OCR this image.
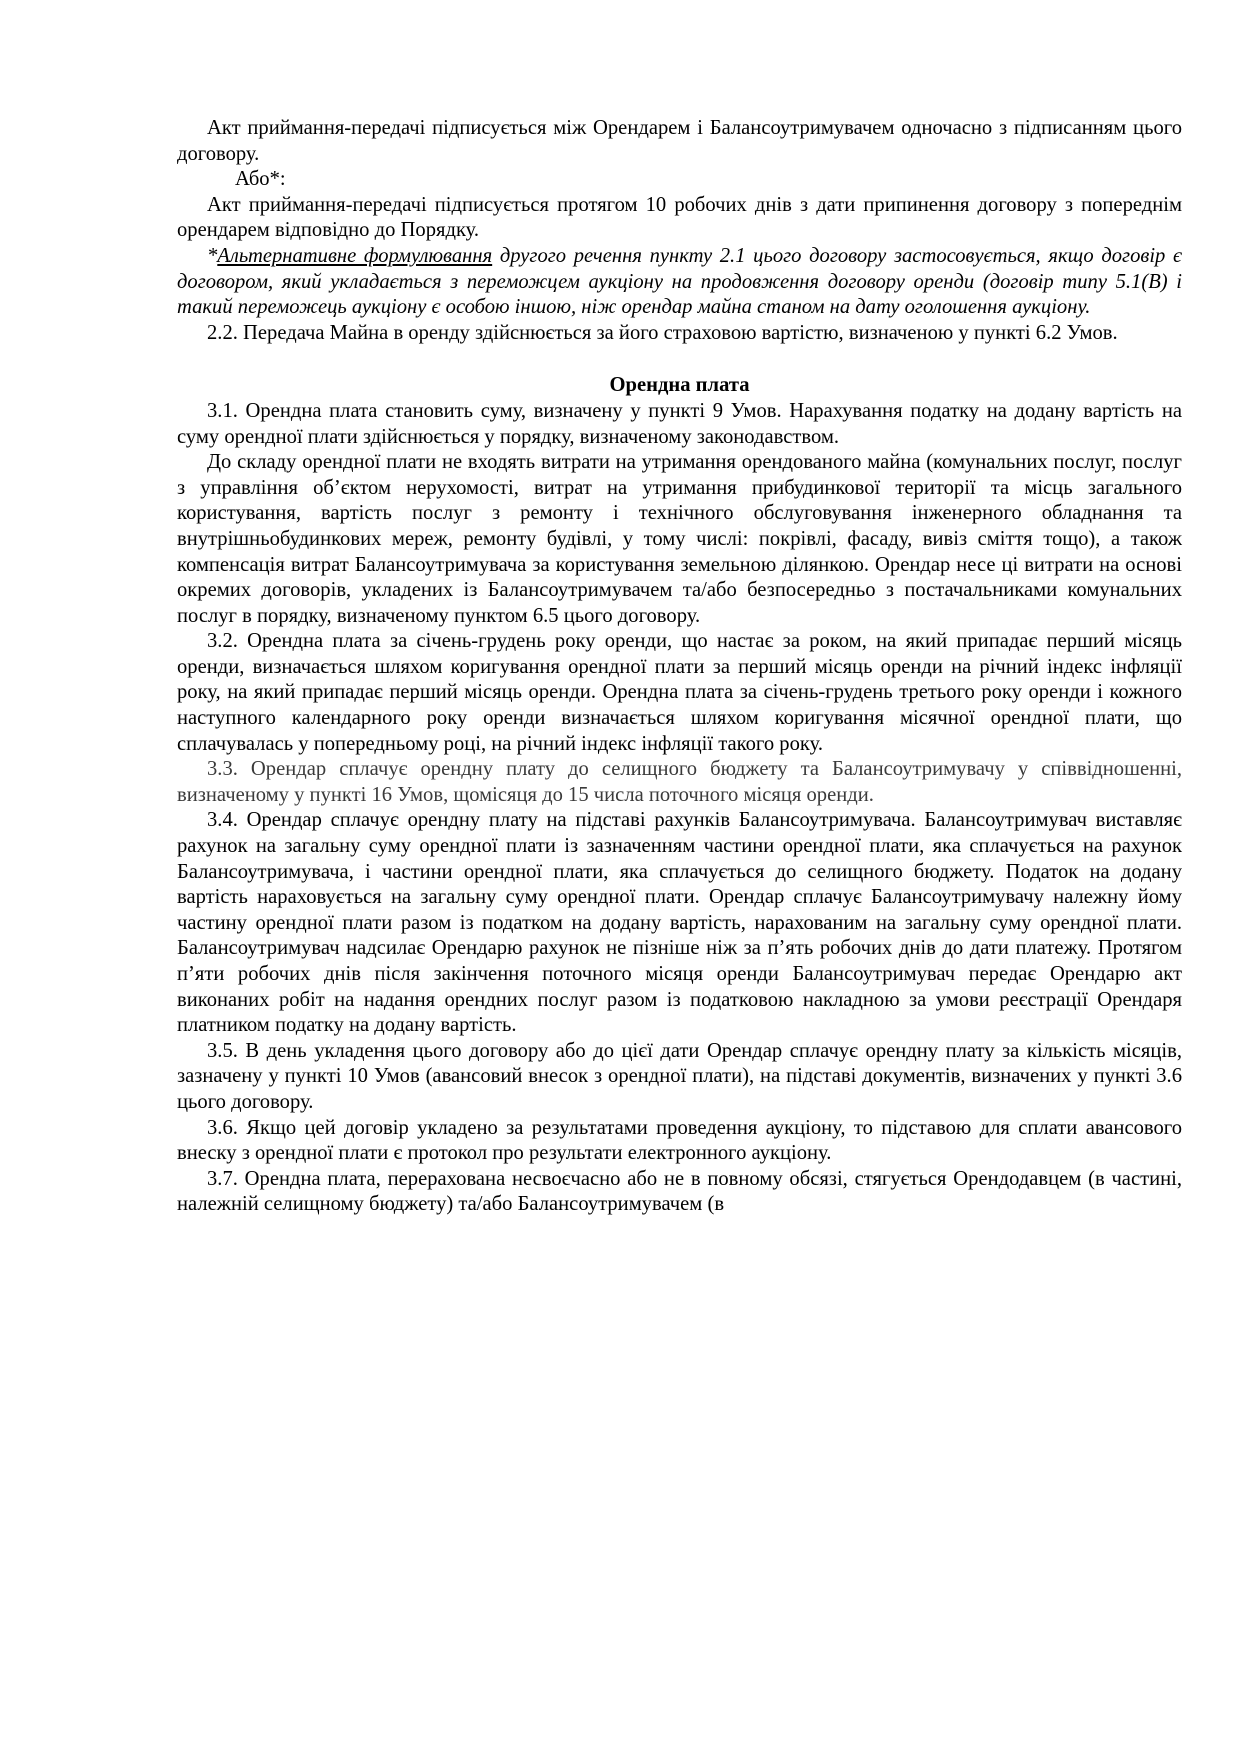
Акт приймання-передачі підписується між Орендарем і Балансоутримувачем одночасно з підписанням цього договору.

Або*:

Акт приймання-передачі підписується протягом 10 робочих днів з дати припинення договору з попереднім орендарем відповідно до Порядку.

*Альтернативне формулювання другого речення пункту 2.1 цього договору застосовується, якщо договір є договором, який укладається з переможцем аукціону на продовження договору оренди (договір типу 5.1(В) і такий переможець аукціону є особою іншою, ніж орендар майна станом на дату оголошення аукціону.

2.2. Передача Майна в оренду здійснюється за його страховою вартістю, визначеною у пункті 6.2 Умов.

Орендна плата

3.1. Орендна плата становить суму, визначену у пункті 9 Умов. Нарахування податку на додану вартість на суму орендної плати здійснюється у порядку, визначеному законодавством.

До складу орендної плати не входять витрати на утримання орендованого майна (комунальних послуг, послуг з управління об’єктом нерухомості, витрат на утримання прибудинкової території та місць загального користування, вартість послуг з ремонту і технічного обслуговування інженерного обладнання та внутрішньобудинкових мереж, ремонту будівлі, у тому числі: покрівлі, фасаду, вивіз сміття тощо), а також компенсація витрат Балансоутримувача за користування земельною ділянкою. Орендар несе ці витрати на основі окремих договорів, укладених із Балансоутримувачем та/або безпосередньо з постачальниками комунальних послуг в порядку, визначеному пунктом 6.5 цього договору.

3.2. Орендна плата за січень-грудень року оренди, що настає за роком, на який припадає перший місяць оренди, визначається шляхом коригування орендної плати за перший місяць оренди на річний індекс інфляції року, на який припадає перший місяць оренди. Орендна плата за січень-грудень третього року оренди і кожного наступного календарного року оренди визначається шляхом коригування місячної орендної плати, що сплачувалась у попередньому році, на річний індекс інфляції такого року.

3.3. Орендар сплачує орендну плату до селищного бюджету та Балансоутримувачу у співвідношенні, визначеному у пункті 16 Умов, щомісяця до 15 числа поточного місяця оренди.

3.4. Орендар сплачує орендну плату на підставі рахунків Балансоутримувача. Балансоутримувач виставляє рахунок на загальну суму орендної плати із зазначенням частини орендної плати, яка сплачується на рахунок Балансоутримувача, і частини орендної плати, яка сплачується до селищного бюджету. Податок на додану вартість нараховується на загальну суму орендної плати. Орендар сплачує Балансоутримувачу належну йому частину орендної плати разом із податком на додану вартість, нарахованим на загальну суму орендної плати. Балансоутримувач надсилає Орендарю рахунок не пізніше ніж за п’ять робочих днів до дати платежу. Протягом п’яти робочих днів після закінчення поточного місяця оренди Балансоутримувач передає Орендарю акт виконаних робіт на надання орендних послуг разом із податковою накладною за умови реєстрації Орендаря платником податку на додану вартість.

3.5. В день укладення цього договору або до цієї дати Орендар сплачує орендну плату за кількість місяців, зазначену у пункті 10 Умов (авансовий внесок з орендної плати), на підставі документів, визначених у пункті 3.6 цього договору.

3.6. Якщо цей договір укладено за результатами проведення аукціону, то підставою для сплати авансового внеску з орендної плати є протокол про результати електронного аукціону.

3.7. Орендна плата, перерахована несвоєчасно або не в повному обсязі, стягується Орендодавцем (в частині, належній селищному бюджету) та/або Балансоутримувачем (в
